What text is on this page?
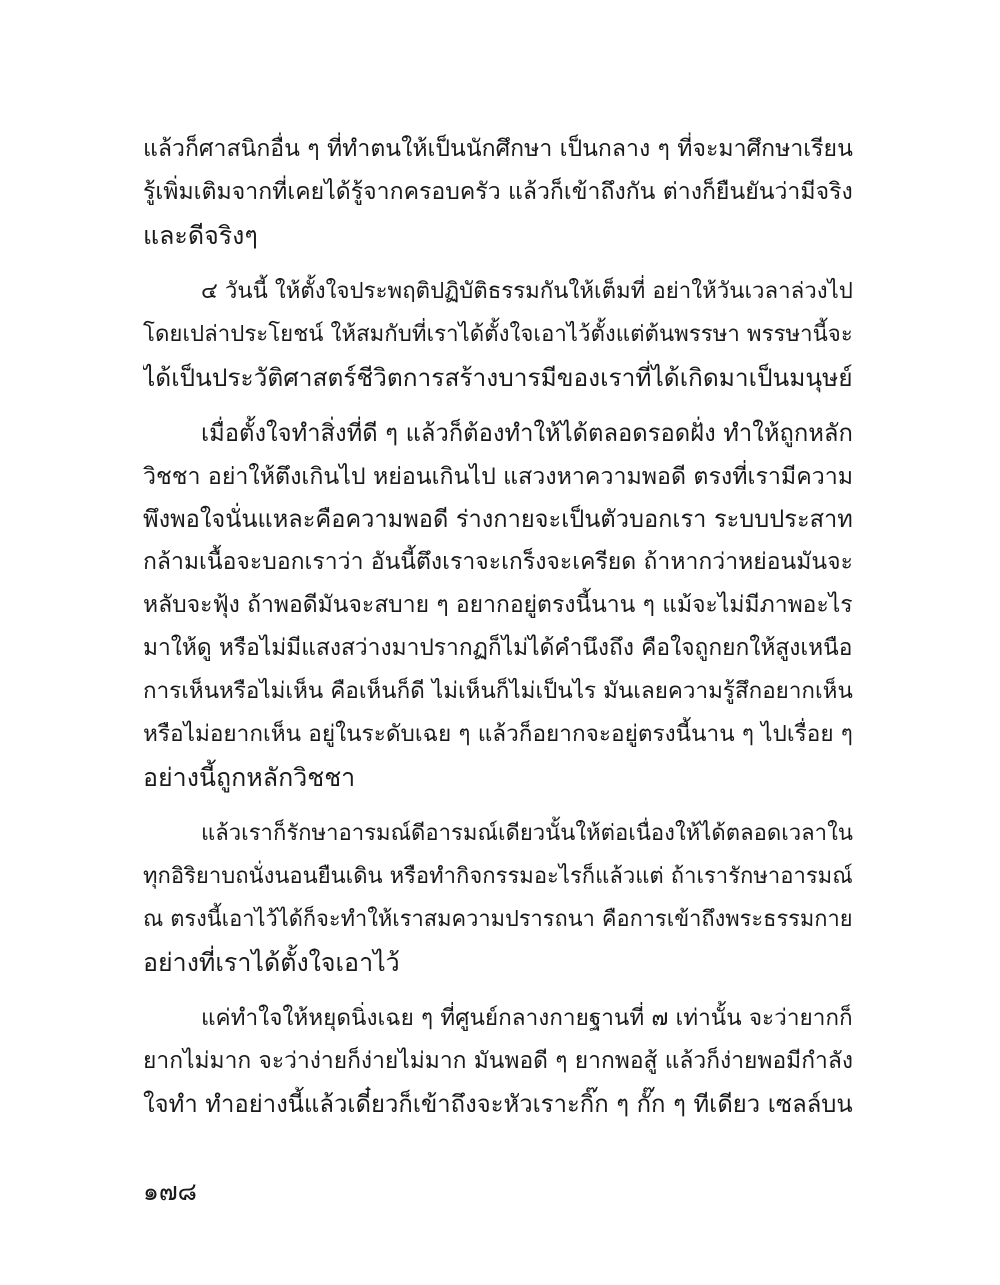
แล้วก็ศาสนิกอื่น ๆ ที่ทำตนให้เป็นนักศึกษา เป็นกลาง ๆ ที่จะมาศึกษาเรียน
รู้เพิ่มเติมจากที่เคยได้รู้จากครอบครัว แล้วก็เข้าถึงกัน ต่างก็ยืนยันว่ามีจริง
และดีจริงๆ

๔ วันนี้ ให้ตั้งใจประพฤติปฏิบัติธรรมกันให้เต็มที่ อย่าให้วันเวลาล่วงไป
โดยเปล่าประโยชน์ ให้สมกับที่เราได้ตั้งใจเอาไว้ตั้งแต่ต้นพรรษา พรรษานี้จะ
ได้เป็นประวัติศาสตร์ชีวิตการสร้างบารมีของเราที่ได้เกิดมาเป็นมนุษย์

เมื่อตั้งใจทำสิ่งที่ดี ๆ แล้วก็ต้องทำให้ได้ตลอดรอดฝั่ง ทำให้ถูกหลัก
วิชชา อย่าให้ตึงเกินไป หย่อนเกินไป แสวงหาความพอดี ตรงที่เรามีความ
พึงพอใจนั่นแหละคือความพอดี ร่างกายจะเป็นตัวบอกเรา ระบบประสาท
กล้ามเนื้อจะบอกเราว่า อันนี้ตึงเราจะเกร็งจะเครียด ถ้าหากว่าหย่อนมันจะ
หลับจะฟุ้ง ถ้าพอดีมันจะสบาย ๆ อยากอยู่ตรงนี้นาน ๆ แม้จะไม่มีภาพอะไร
มาให้ดู หรือไม่มีแสงสว่างมาปรากฏก็ไม่ได้คำนึงถึง คือใจถูกยกให้สูงเหนือ
การเห็นหรือไม่เห็น คือเห็นก็ดี ไม่เห็นก็ไม่เป็นไร มันเลยความรู้สึกอยากเห็น
หรือไม่อยากเห็น อยู่ในระดับเฉย ๆ แล้วก็อยากจะอยู่ตรงนี้นาน ๆ ไปเรื่อย ๆ
อย่างนี้ถูกหลักวิชชา

แล้วเราก็รักษาอารมณ์ดีอารมณ์เดียวนั้นให้ต่อเนื่องให้ได้ตลอดเวลาใน
ทุกอิริยาบถนั่งนอนยืนเดิน หรือทำกิจกรรมอะไรก็แล้วแต่ ถ้าเรารักษาอารมณ์
ณ ตรงนี้เอาไว้ได้ก็จะทำให้เราสมความปรารถนา คือการเข้าถึงพระธรรมกาย
อย่างที่เราได้ตั้งใจเอาไว้

แค่ทำใจให้หยุดนิ่งเฉย ๆ ที่ศูนย์กลางกายฐานที่ ๗ เท่านั้น จะว่ายากก็
ยากไม่มาก จะว่าง่ายก็ง่ายไม่มาก มันพอดี ๆ ยากพอสู้ แล้วก็ง่ายพอมีกำลัง
ใจทำ ทำอย่างนี้แล้วเดี๋ยวก็เข้าถึงจะหัวเราะกิ๊ก ๆ กั๊ก ๆ ทีเดียว เซลล์บน

๑๗๘
